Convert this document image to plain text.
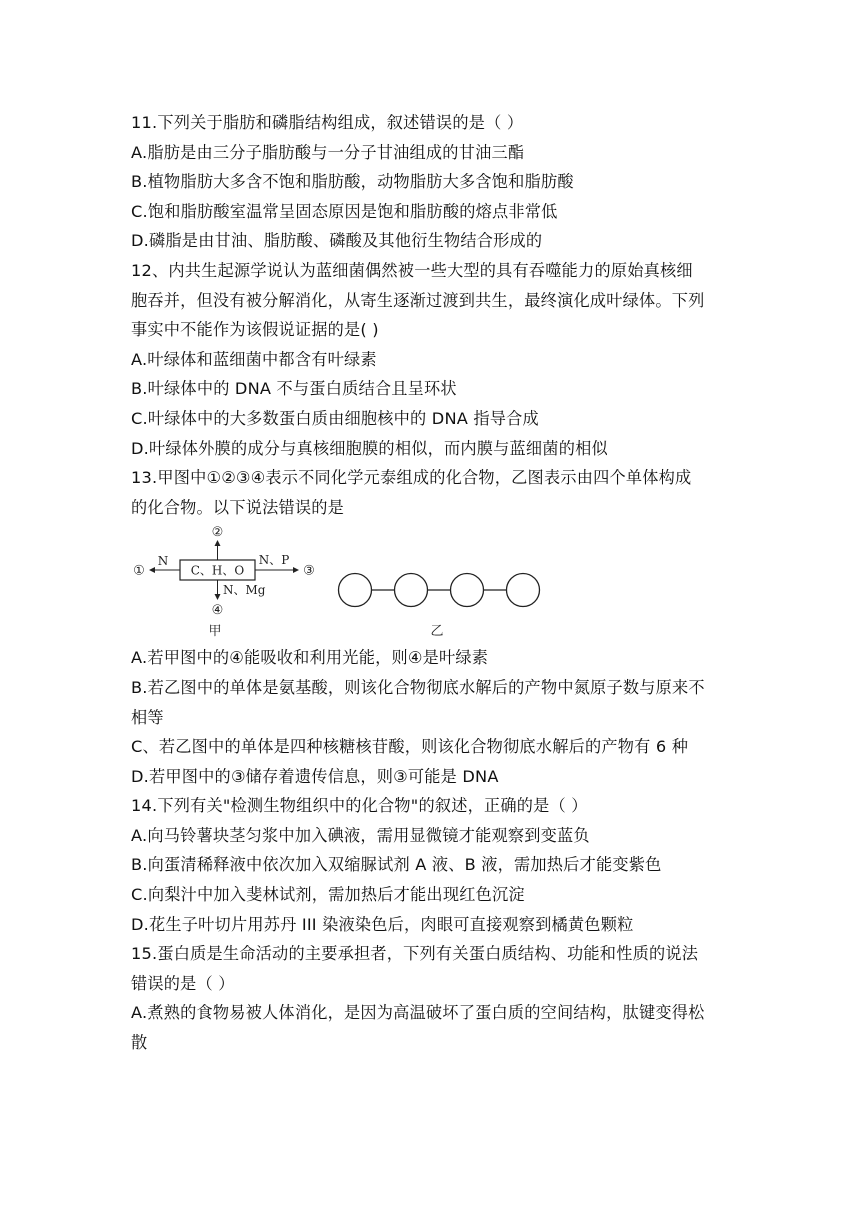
11.下列关于脂肪和磷脂结构组成，叙述错误的是（ ）
A.脂肪是由三分子脂肪酸与一分子甘油组成的甘油三酯
B.植物脂肪大多含不饱和脂肪酸，动物脂肪大多含饱和脂肪酸
C.饱和脂肪酸室温常呈固态原因是饱和脂肪酸的熔点非常低
D.磷脂是由甘油、脂肪酸、磷酸及其他衍生物结合形成的
12、内共生起源学说认为蓝细菌偶然被一些大型的具有吞噬能力的原始真核细
胞吞并，但没有被分解消化，从寄生逐渐过渡到共生，最终演化成叶绿体。下列
事实中不能作为该假说证据的是( )
A.叶绿体和蓝细菌中都含有叶绿素
B.叶绿体中的 DNA 不与蛋白质结合且呈环状
C.叶绿体中的大多数蛋白质由细胞核中的 DNA 指导合成
D.叶绿体外膜的成分与真核细胞膜的相似，而内膜与蓝细菌的相似
13.甲图中①②③④表示不同化学元泰组成的化合物，乙图表示由四个单体构成
的化合物。以下说法错误的是
C、H、O
N
①
②
N、P
③
N、Mg
④
甲	乙
A.若甲图中的④能吸收和利用光能，则④是叶绿素
B.若乙图中的单体是氨基酸，则该化合物彻底水解后的产物中氮原子数与原来不
相等
C、若乙图中的单体是四种核糖核苷酸，则该化合物彻底水解后的产物有 6 种
D.若甲图中的③储存着遗传信息，则③可能是 DNA
14.下列有关"检测生物组织中的化合物"的叙述，正确的是（ ）
A.向马铃薯块茎匀浆中加入碘液，需用显微镜才能观察到变蓝负
B.向蛋清稀释液中依次加入双缩脲试剂 A 液、B 液，需加热后才能变紫色
C.向梨汁中加入斐林试剂，需加热后才能出现红色沉淀
D.花生子叶切片用苏丹 III 染液染色后，肉眼可直接观察到橘黄色颗粒
15.蛋白质是生命活动的主要承担者，下列有关蛋白质结构、功能和性质的说法
错误的是（ ）
A.煮熟的食物易被人体消化，是因为高温破坏了蛋白质的空间结构，肽键变得松
散
